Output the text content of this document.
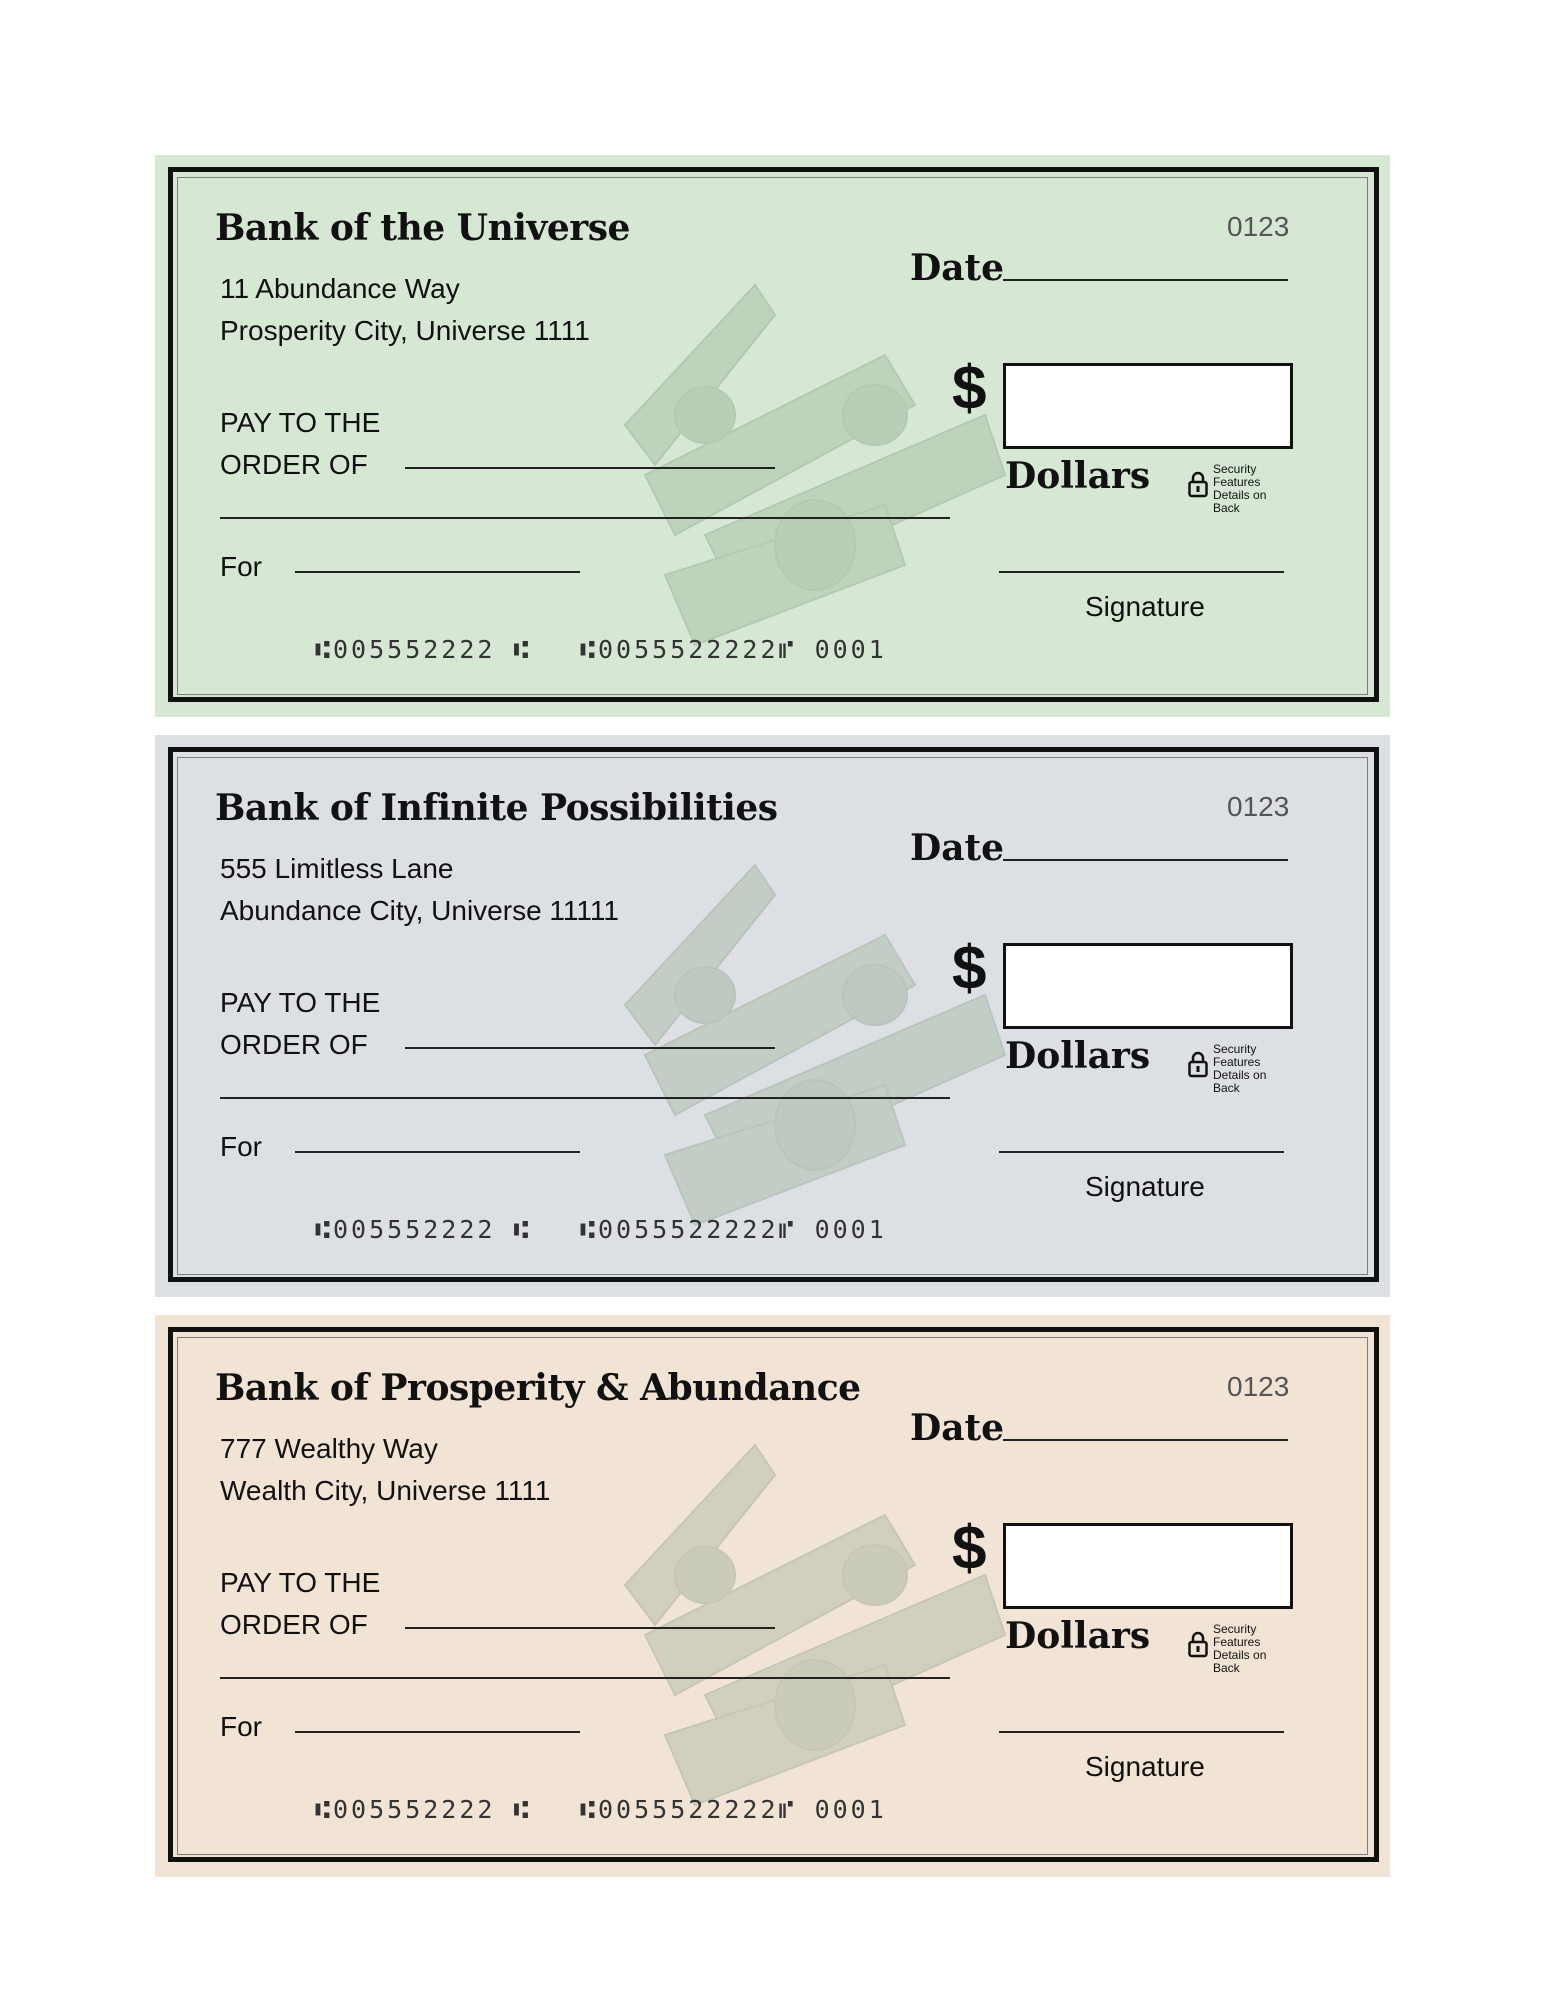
Bank of the Universe
11 Abundance Way
Prosperity City, Universe 1111
0123
Date
$
Dollars	Security Features Details on Back
PAY TO THE
ORDER OF
For
Signature
⑆005552222 ⑆ ⑆0055522222⑈ 0001
Bank of Infinite Possibilities
555 Limitless Lane
Abundance City, Universe 11111
0123
Date
$
Dollars	Security Features Details on Back
PAY TO THE
ORDER OF
For
Signature
⑆005552222 ⑆ ⑆0055522222⑈ 0001
Bank of Prosperity & Abundance
777 Wealthy Way
Wealth City, Universe 1111
0123
Date
$
Dollars	Security Features Details on Back
PAY TO THE
ORDER OF
For
Signature
⑆005552222 ⑆ ⑆0055522222⑈ 0001
